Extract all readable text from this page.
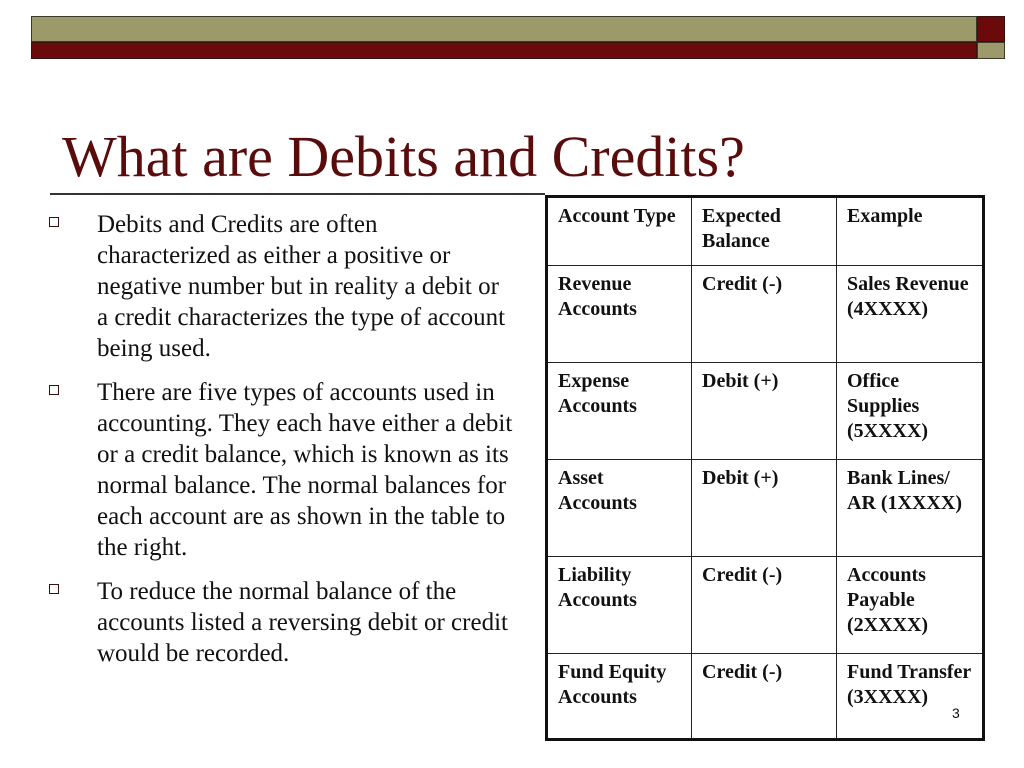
What are Debits and Credits?
Debits and Credits are often characterized as either a positive or negative number but in reality a debit or a credit characterizes the type of account being used.
There are five types of accounts used in accounting. They each have either a debit or a credit balance, which is known as its normal balance. The normal balances for each account are as shown in the table to the right.
To reduce the normal balance of the accounts listed a reversing debit or credit would be recorded.
Account Type	Expected Balance	Example
Revenue Accounts	Credit (-)	Sales Revenue (4XXXX)
Expense Accounts	Debit (+)	Office Supplies (5XXXX)
Asset Accounts	Debit (+)	Bank Lines/ AR (1XXXX)
Liability Accounts	Credit (-)	Accounts Payable (2XXXX)
Fund Equity Accounts	Credit (-)	Fund Transfer (3XXXX)
3
